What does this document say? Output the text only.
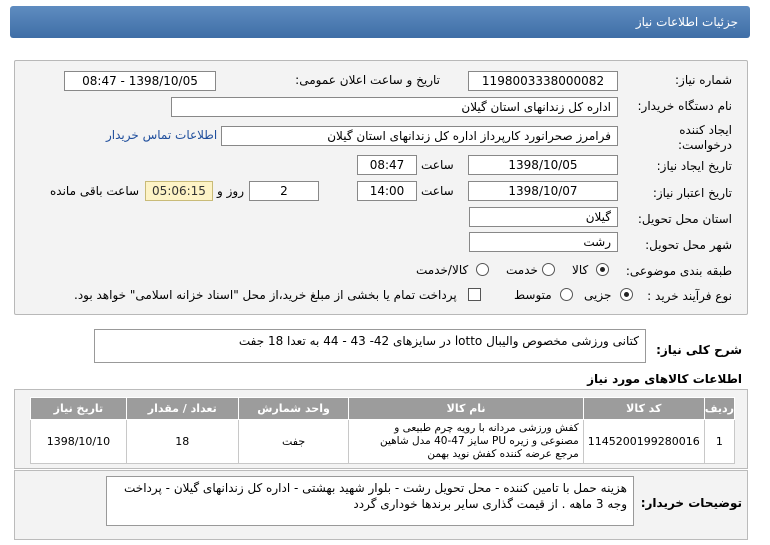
جزئیات اطلاعات نیاز
شماره نیاز:
1198003338000082
تاریخ و ساعت اعلان عمومی:
1398/10/05 - 08:47
نام دستگاه خریدار:
اداره کل زندانهای استان گیلان
ایجاد کننده درخواست:
فرامرز صحرانورد کارپرداز اداره کل زندانهای استان گیلان
اطلاعات تماس خریدار
تاریخ ایجاد نیاز:
1398/10/05
ساعت
08:47
تاریخ اعتبار نیاز:
1398/10/07
ساعت
14:00
2
روز و
05:06:15
ساعت باقی مانده
استان محل تحویل:
گیلان
شهر محل تحویل:
رشت
طبقه بندی موضوعی:
کالا
خدمت
کالا/خدمت
نوع فرآیند خرید :
جزیی
متوسط
پرداخت تمام یا بخشی از مبلغ خرید،از محل "اسناد خزانه اسلامی" خواهد بود.
شرح کلی نیاز:
کتانی ورزشی مخصوص والیبال lotto در سایزهای 42- 43 - 44 به تعدا 18 جفت
اطلاعات کالاهای مورد نیاز
ردیف	کد کالا	نام کالا	واحد شمارش	تعداد / مقدار	تاریخ نیاز
1	1145200199280016	کفش ورزشی مردانه با رویه چرم طبیعی و مصنوعی و زیره PU سایز 47-40 مدل شاهین مرجع عرضه کننده کفش نوید بهمن	جفت	18	1398/10/10
توضیحات خریدار:
هزینه حمل با تامین کننده - محل تحویل رشت - بلوار شهید بهشتی - اداره کل زندانهای گیلان - پرداخت وجه 3 ماهه . از قیمت گذاری سایر برندها خوداری گردد
